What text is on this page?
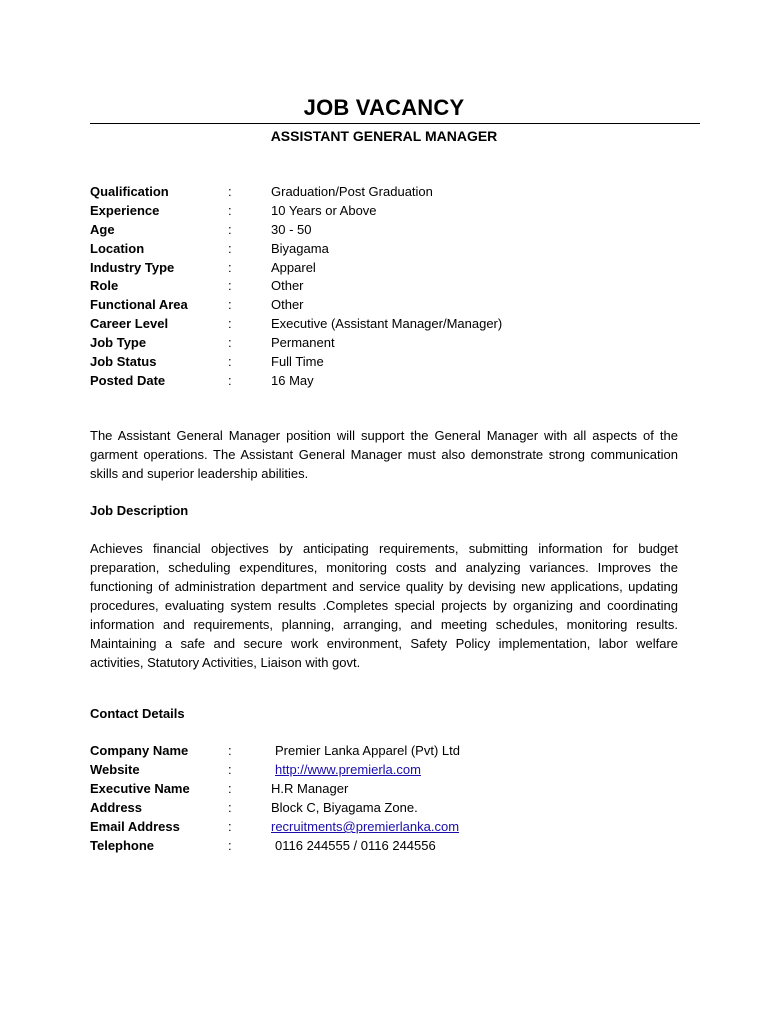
JOB VACANCY
ASSISTANT GENERAL MANAGER
Qualification	:	Graduation/Post Graduation
Experience	:	10 Years or Above
Age	:	30 - 50
Location	:	Biyagama
Industry Type	:	Apparel
Role	:	Other
Functional Area	:	Other
Career Level	:	Executive (Assistant Manager/Manager)
Job Type	:	Permanent
Job Status	:	Full Time
Posted Date	:	16 May

The Assistant General Manager position will support the General Manager with all aspects of the garment operations. The Assistant General Manager must also demonstrate strong communication skills and superior leadership abilities.

Job Description

Achieves financial objectives by anticipating requirements, submitting information for budget preparation, scheduling expenditures, monitoring costs and analyzing variances. Improves the functioning of administration department and service quality by devising new applications, updating procedures, evaluating system results .Completes special projects by organizing and coordinating information and requirements, planning, arranging, and meeting schedules, monitoring results. Maintaining a safe and secure work environment, Safety Policy implementation, labor welfare activities, Statutory Activities, Liaison with govt.

Contact Details
Company Name	:	Premier Lanka Apparel (Pvt) Ltd
Website	:	http://www.premierla.com
Executive Name	:	H.R Manager
Address	:	Block C, Biyagama Zone.
Email Address	:	recruitments@premierlanka.com
Telephone	:	0116 244555 / 0116 244556
